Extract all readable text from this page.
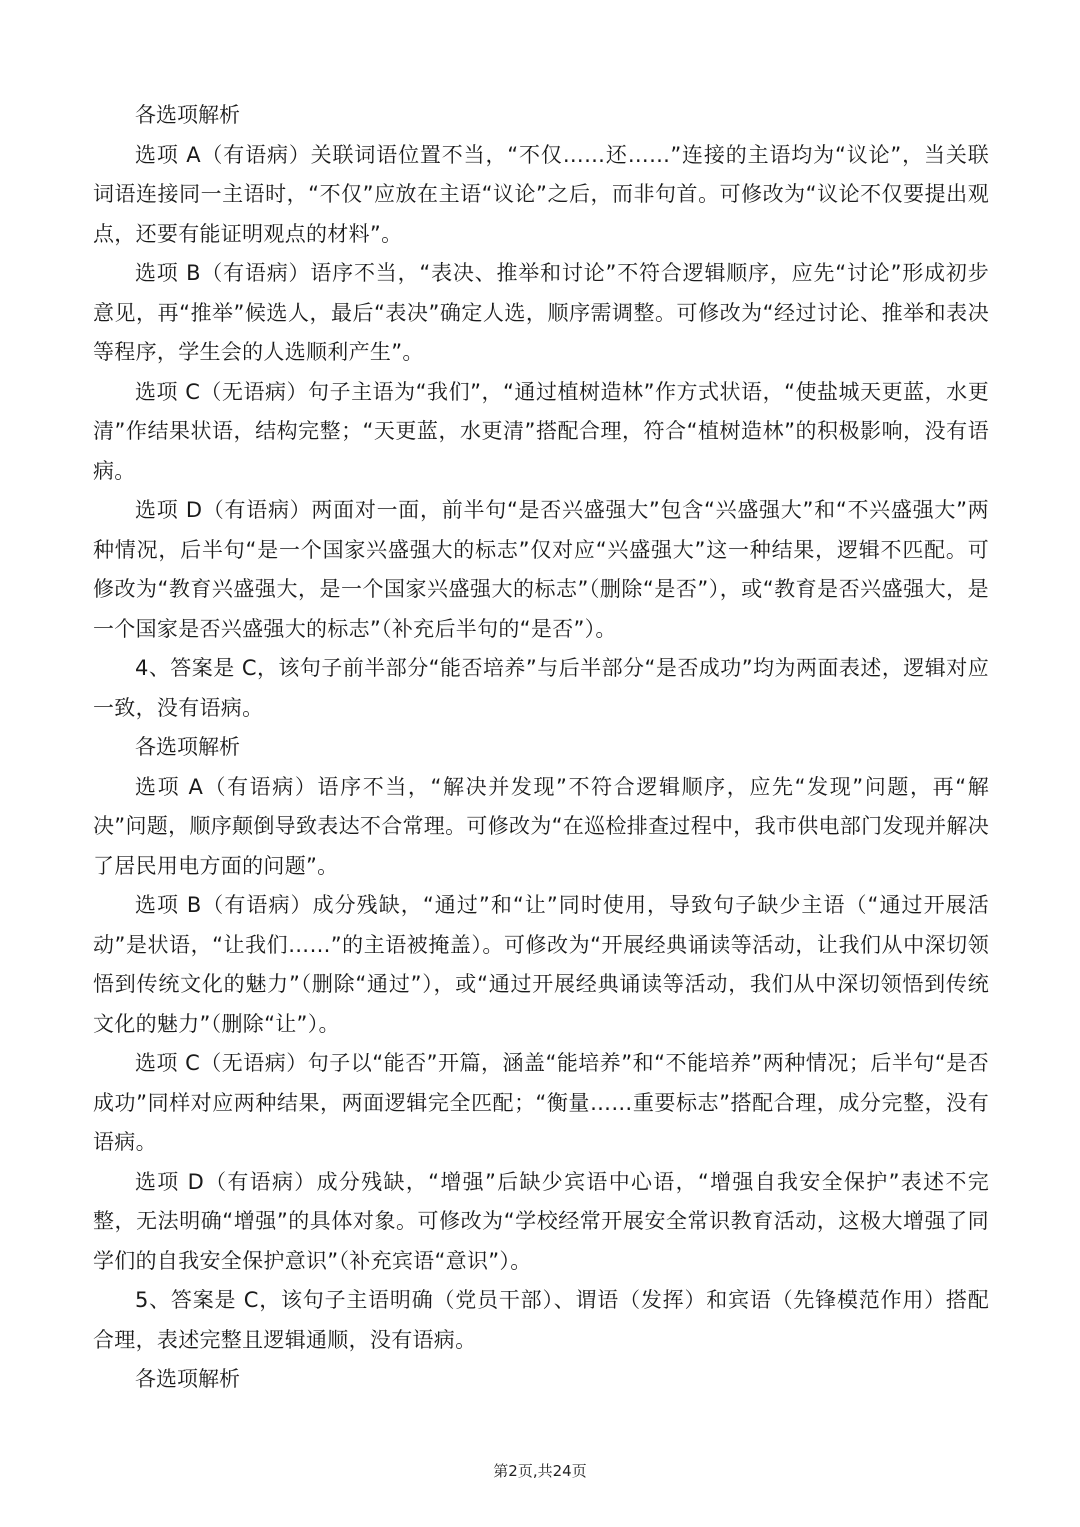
各选项解析

选项 A（有语病）关联词语位置不当，“不仅……还……”连接的主语均为“议论”，当关联词语连接同一主语时，“不仅”应放在主语“议论”之后，而非句首。可修改为“议论不仅要提出观点，还要有能证明观点的材料”。

选项 B（有语病）语序不当，“表决、推举和讨论”不符合逻辑顺序，应先“讨论”形成初步意见，再“推举”候选人，最后“表决”确定人选，顺序需调整。可修改为“经过讨论、推举和表决等程序，学生会的人选顺利产生”。

选项 C（无语病）句子主语为“我们”，“通过植树造林”作方式状语，“使盐城天更蓝，水更清”作结果状语，结构完整；“天更蓝，水更清”搭配合理，符合“植树造林”的积极影响，没有语病。

选项 D（有语病）两面对一面，前半句“是否兴盛强大”包含“兴盛强大”和“不兴盛强大”两种情况，后半句“是一个国家兴盛强大的标志”仅对应“兴盛强大”这一种结果，逻辑不匹配。可修改为“教育兴盛强大，是一个国家兴盛强大的标志”（删除“是否”），或“教育是否兴盛强大，是一个国家是否兴盛强大的标志”（补充后半句的“是否”）。

4、答案是 C，该句子前半部分“能否培养”与后半部分“是否成功”均为两面表述，逻辑对应一致，没有语病。

各选项解析

选项 A（有语病）语序不当，“解决并发现”不符合逻辑顺序，应先“发现”问题，再“解决”问题，顺序颠倒导致表达不合常理。可修改为“在巡检排查过程中，我市供电部门发现并解决了居民用电方面的问题”。

选项 B（有语病）成分残缺，“通过”和“让”同时使用，导致句子缺少主语（“通过开展活动”是状语，“让我们……”的主语被掩盖）。可修改为“开展经典诵读等活动，让我们从中深切领悟到传统文化的魅力”（删除“通过”），或“通过开展经典诵读等活动，我们从中深切领悟到传统文化的魅力”（删除“让”）。

选项 C（无语病）句子以“能否”开篇，涵盖“能培养”和“不能培养”两种情况；后半句“是否成功”同样对应两种结果，两面逻辑完全匹配；“衡量……重要标志”搭配合理，成分完整，没有语病。

选项 D（有语病）成分残缺，“增强”后缺少宾语中心语，“增强自我安全保护”表述不完整，无法明确“增强”的具体对象。可修改为“学校经常开展安全常识教育活动，这极大增强了同学们的自我安全保护意识”（补充宾语“意识”）。

5、答案是 C，该句子主语明确（党员干部）、谓语（发挥）和宾语（先锋模范作用）搭配合理，表述完整且逻辑通顺，没有语病。

各选项解析

第2页,共24页
